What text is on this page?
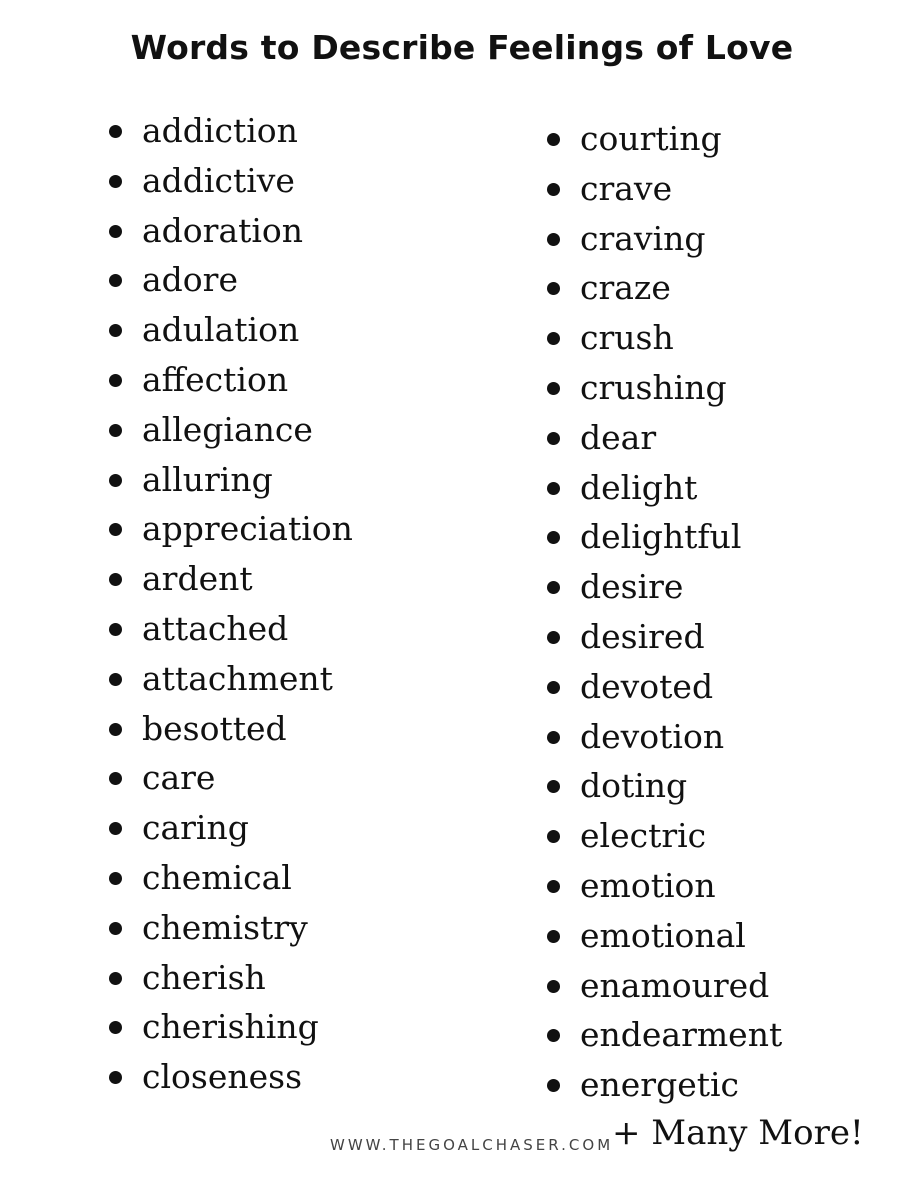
Words to Describe Feelings of Love
addiction
addictive
adoration
adore
adulation
affection
allegiance
alluring
appreciation
ardent
attached
attachment
besotted
care
caring
chemical
chemistry
cherish
cherishing
closeness
courting
crave
craving
craze
crush
crushing
dear
delight
delightful
desire
desired
devoted
devotion
doting
electric
emotion
emotional
enamoured
endearment
energetic
WWW.THEGOALCHASER.COM
+ Many More!
